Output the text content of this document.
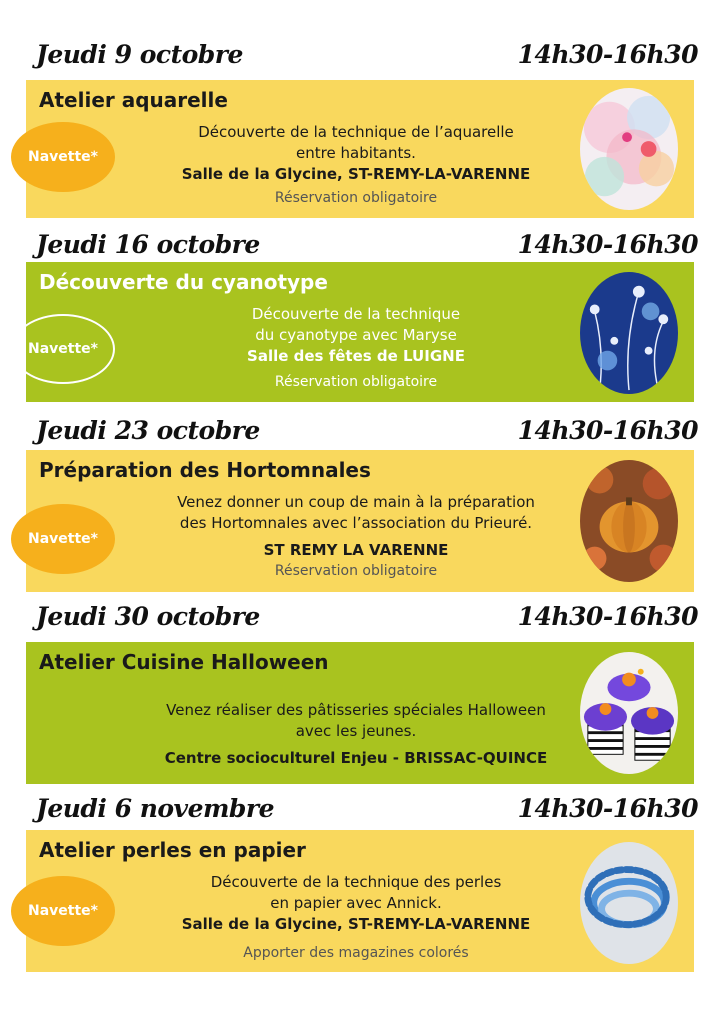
Jeudi 9 octobre	14h30-16h30
Atelier aquarelle
Navette*
Découverte de la technique de l’aquarelle
entre habitants.
Salle de la Glycine, ST-REMY-LA-VARENNE
Réservation obligatoire
Jeudi 16 octobre	14h30-16h30
Découverte du cyanotype
Navette*
Découverte de la technique
du cyanotype avec Maryse
Salle des fêtes de LUIGNE
Réservation obligatoire
Jeudi 23 octobre	14h30-16h30
Préparation des Hortomnales
Navette*
Venez donner un coup de main à la préparation
des Hortomnales avec l’association du Prieuré.
ST REMY LA VARENNE
Réservation obligatoire
Jeudi 30 octobre	14h30-16h30
Atelier Cuisine Halloween
Venez réaliser des pâtisseries spéciales Halloween
avec les jeunes.
Centre socioculturel Enjeu - BRISSAC-QUINCE
Jeudi 6 novembre	14h30-16h30
Atelier perles en papier
Navette*
Découverte de la technique des perles
en papier avec Annick.
Salle de la Glycine, ST-REMY-LA-VARENNE
Apporter des magazines colorés
